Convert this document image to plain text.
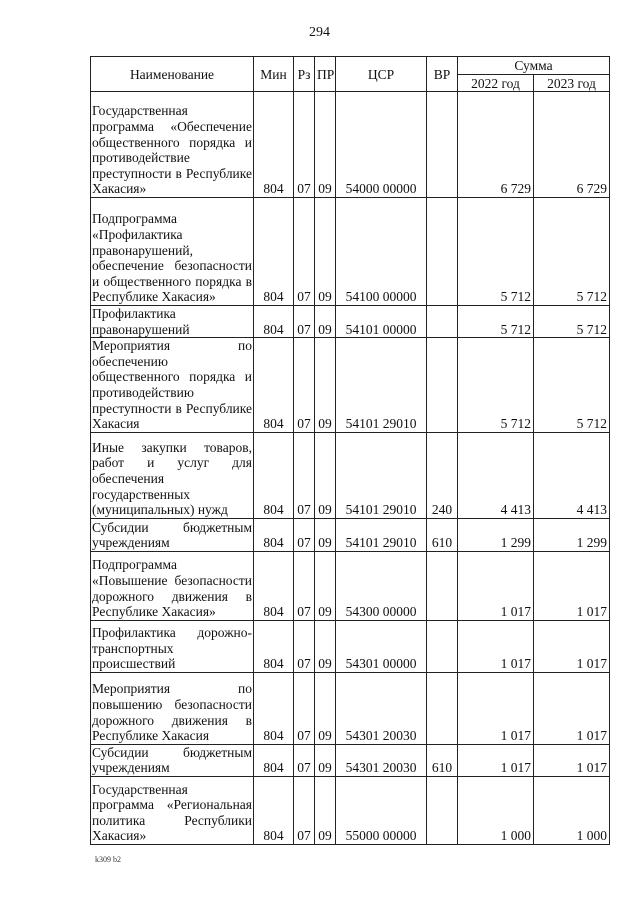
294
Наименование	Мин	Рз	ПР	ЦСР	ВР	Сумма	
						2022 год	2023 год
Государственная программа «Обеспечение общественного порядка и противодействие преступности в Республике Хакасия»	804	07	09	54000 00000		6 729	6 729
Подпрограмма «Профилактика правонарушений, обеспечение безопасности и общественного порядка в Республике Хакасия»	804	07	09	54100 00000		5 712	5 712
Профилактика правонарушений	804	07	09	54101 00000		5 712	5 712
Мероприятия по обеспечению общественного порядка и противодействию преступности в Республике Хакасия	804	07	09	54101 29010		5 712	5 712
Иные закупки товаров, работ и услуг для обеспечения государственных (муниципальных) нужд	804	07	09	54101 29010	240	4 413	4 413
Субсидии бюджетным учреждениям	804	07	09	54101 29010	610	1 299	1 299
Подпрограмма «Повышение безопасности дорожного движения в Республике Хакасия»	804	07	09	54300 00000		1 017	1 017
Профилактика дорожно-транспортных происшествий	804	07	09	54301 00000		1 017	1 017
Мероприятия по повышению безопасности дорожного движения в Республике Хакасия	804	07	09	54301 20030		1 017	1 017
Субсидии бюджетным учреждениям	804	07	09	54301 20030	610	1 017	1 017
Государственная программа «Региональная политика Республики Хакасия»	804	07	09	55000 00000		1 000	1 000
k309 b2
